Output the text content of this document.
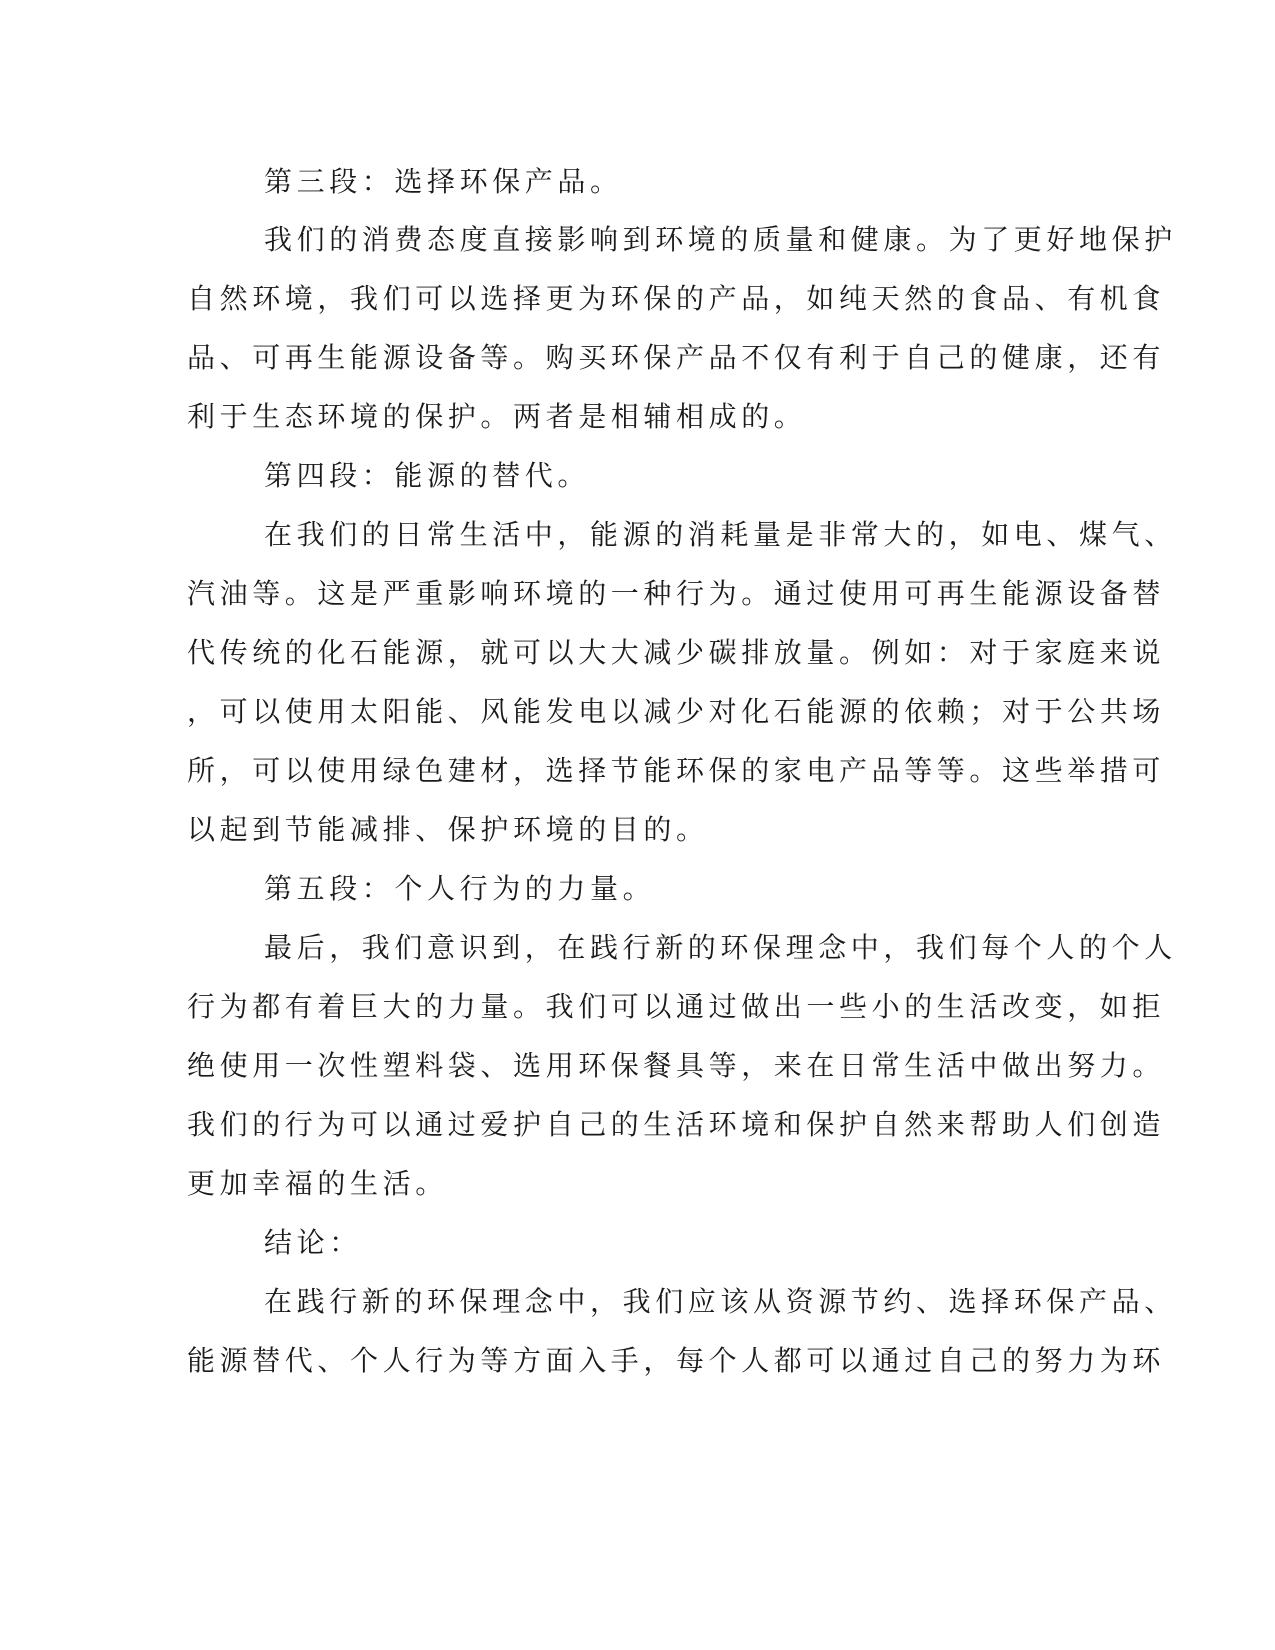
第三段：选择环保产品。
我们的消费态度直接影响到环境的质量和健康。为了更好地保护
自然环境，我们可以选择更为环保的产品，如纯天然的食品、有机食
品、可再生能源设备等。购买环保产品不仅有利于自己的健康，还有
利于生态环境的保护。两者是相辅相成的。
第四段：能源的替代。
在我们的日常生活中，能源的消耗量是非常大的，如电、煤气、
汽油等。这是严重影响环境的一种行为。通过使用可再生能源设备替
代传统的化石能源，就可以大大减少碳排放量。例如：对于家庭来说
，可以使用太阳能、风能发电以减少对化石能源的依赖；对于公共场
所，可以使用绿色建材，选择节能环保的家电产品等等。这些举措可
以起到节能减排、保护环境的目的。
第五段：个人行为的力量。
最后，我们意识到，在践行新的环保理念中，我们每个人的个人
行为都有着巨大的力量。我们可以通过做出一些小的生活改变，如拒
绝使用一次性塑料袋、选用环保餐具等，来在日常生活中做出努力。
我们的行为可以通过爱护自己的生活环境和保护自然来帮助人们创造
更加幸福的生活。
结论：
在践行新的环保理念中，我们应该从资源节约、选择环保产品、
能源替代、个人行为等方面入手，每个人都可以通过自己的努力为环
